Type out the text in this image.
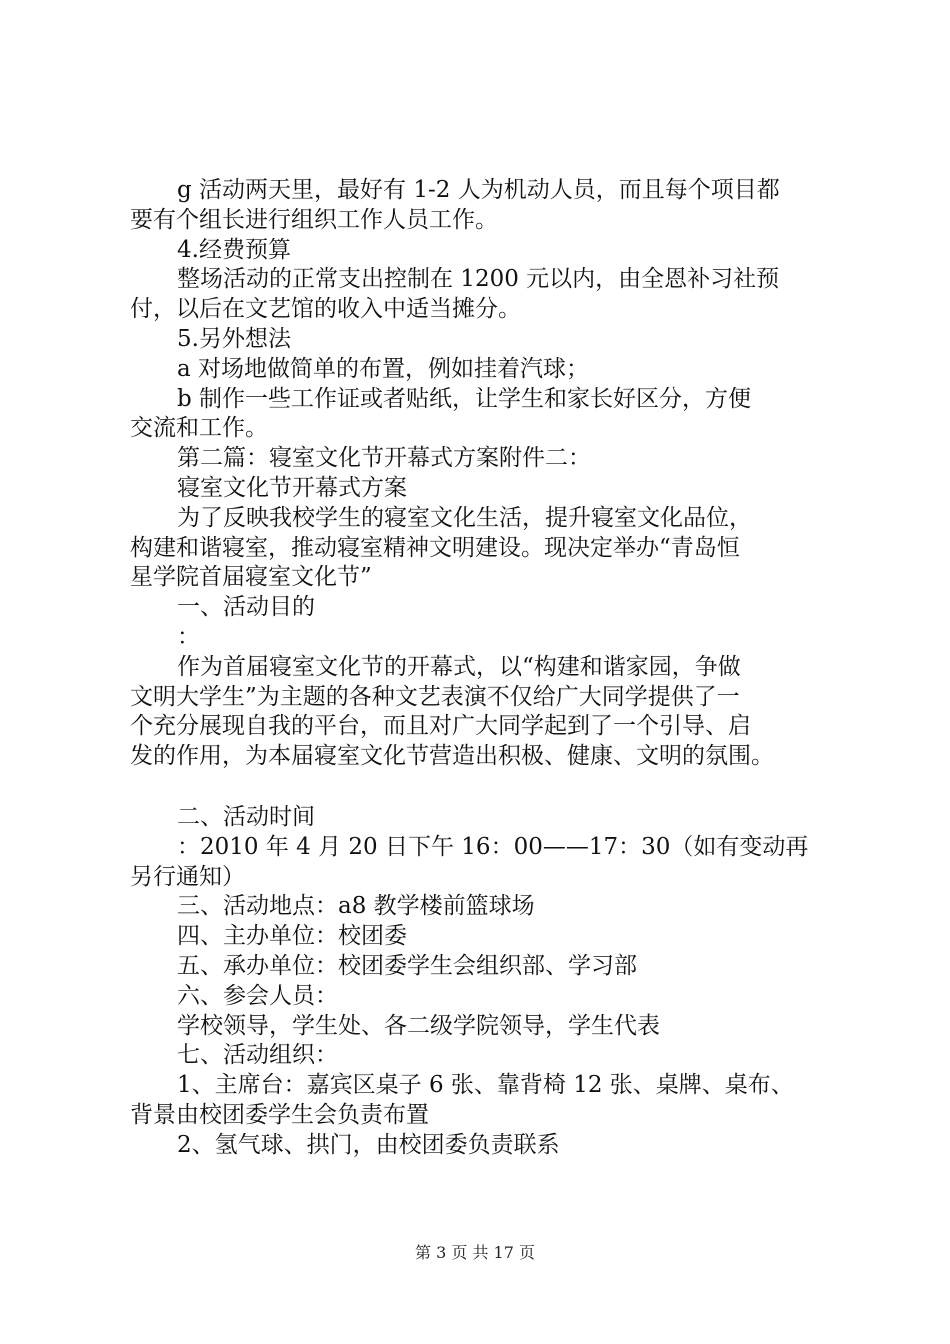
g 活动两天里，最好有 1-2 人为机动人员，而且每个项目都

要有个组长进行组织工作人员工作。

4.经费预算

整场活动的正常支出控制在 1200 元以内，由全恩补习社预

付，以后在文艺馆的收入中适当摊分。

5.另外想法

a 对场地做简单的布置，例如挂着汽球；

b 制作一些工作证或者贴纸，让学生和家长好区分，方便

交流和工作。

第二篇：寝室文化节开幕式方案附件二：

寝室文化节开幕式方案

为了反映我校学生的寝室文化生活，提升寝室文化品位，

构建和谐寝室，推动寝室精神文明建设。现决定举办“青岛恒

星学院首届寝室文化节”

一、活动目的

：

作为首届寝室文化节的开幕式，以“构建和谐家园，争做

文明大学生”为主题的各种文艺表演不仅给广大同学提供了一

个充分展现自我的平台，而且对广大同学起到了一个引导、启

发的作用，为本届寝室文化节营造出积极、健康、文明的氛围。

二、活动时间

：2010 年 4 月 20 日下午 16：00——17：30（如有变动再

另行通知）

三、活动地点：a8 教学楼前篮球场

四、主办单位：校团委

五、承办单位：校团委学生会组织部、学习部

六、参会人员：

学校领导，学生处、各二级学院领导，学生代表

七、活动组织：

1、主席台：嘉宾区桌子 6 张、靠背椅 12 张、桌牌、桌布、

背景由校团委学生会负责布置

2、氢气球、拱门，由校团委负责联系

第 3 页 共 17 页
